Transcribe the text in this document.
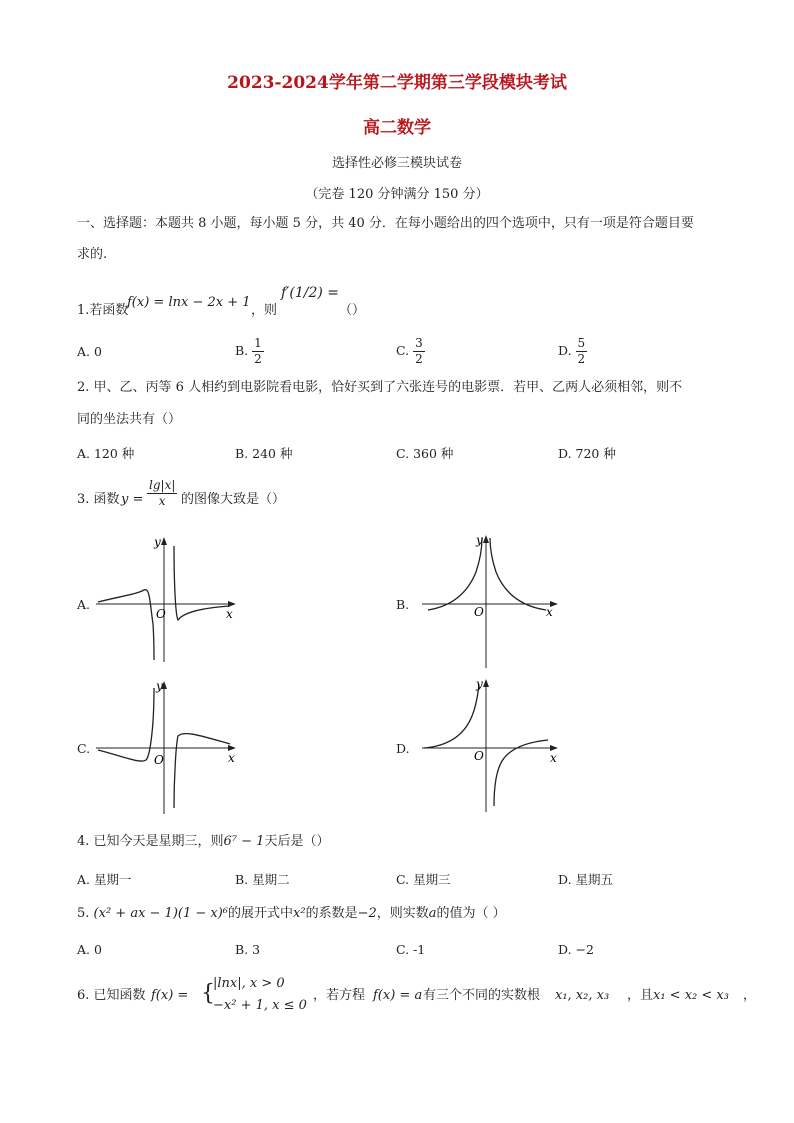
2023-2024学年第二学期第三学段模块考试
高二数学
选择性必修三模块试卷
（完卷 120 分钟满分 150 分）
一、选择题：本题共 8 小题，每小题 5 分，共 40 分．在每小题给出的四个选项中，只有一项是符合题目要
求的.
1.若函数
f(x) = lnx − 2x + 1
，则
f′(1/2) =
（）
A. 0	B. $\frac{1}{2}$	C. $\frac{3}{2}$	D. $\frac{5}{2}$
2. 甲、乙、丙等 6 人相约到电影院看电影，恰好买到了六张连号的电影票．若甲、乙两人必须相邻，则不
同的坐法共有（）
A. 120 种	B. 240 种	C. 360 种	D. 720 种
3. 函数 $y = \frac{\lg|x|}{x}$ 的图像大致是（）
A.	B.
C.	D.
O	x
y
O	x
y
O	x
y
O	x
y
4. 已知今天是星期三，则6⁷ − 1天后是（）
A. 星期一	B. 星期二	C. 星期三	D. 星期五
5. (x² + ax − 1)(1 − x)⁶的展开式中x²的系数是−2，则实数a的值为（ ）
A. 0	B. 3	C. -1	D. −2
6. 已知函数 f(x) = {
|lnx|, x > 0
−x² + 1, x ≤ 0
，若方程 f(x) = a 有三个不同的实数根 x₁, x₂, x₃ ，且 x₁ < x₂ < x₃ ，
